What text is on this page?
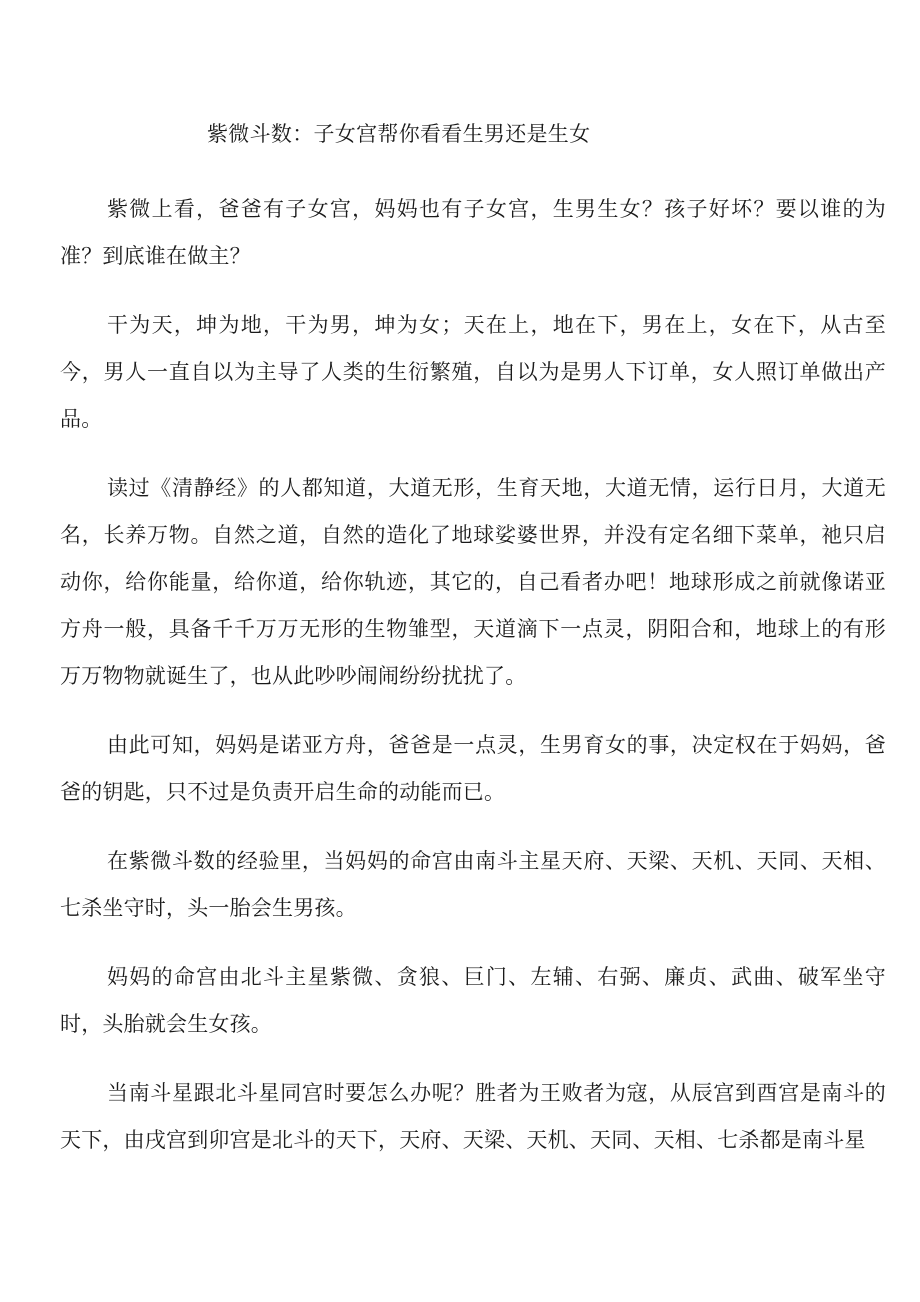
紫微斗数：子女宫帮你看看生男还是生女

紫微上看，爸爸有子女宫，妈妈也有子女宫，生男生女？孩子好坏？要以谁的为准？到底谁在做主？

干为天，坤为地，干为男，坤为女；天在上，地在下，男在上，女在下，从古至今，男人一直自以为主导了人类的生衍繁殖，自以为是男人下订单，女人照订单做出产品。

读过《清静经》的人都知道，大道无形，生育天地，大道无情，运行日月，大道无名，长养万物。自然之道，自然的造化了地球娑婆世界，并没有定名细下菜单，祂只启动你，给你能量，给你道，给你轨迹，其它的，自己看者办吧！地球形成之前就像诺亚方舟一般，具备千千万万无形的生物雏型，天道滴下一点灵，阴阳合和，地球上的有形万万物物就诞生了，也从此吵吵闹闹纷纷扰扰了。

由此可知，妈妈是诺亚方舟，爸爸是一点灵，生男育女的事，决定权在于妈妈，爸爸的钥匙，只不过是负责开启生命的动能而已。

在紫微斗数的经验里，当妈妈的命宫由南斗主星天府、天梁、天机、天同、天相、七杀坐守时，头一胎会生男孩。

妈妈的命宫由北斗主星紫微、贪狼、巨门、左辅、右弼、廉贞、武曲、破军坐守时，头胎就会生女孩。

当南斗星跟北斗星同宫时要怎么办呢？胜者为王败者为寇，从辰宫到酉宫是南斗的天下，由戌宫到卯宫是北斗的天下，天府、天梁、天机、天同、天相、七杀都是南斗星
